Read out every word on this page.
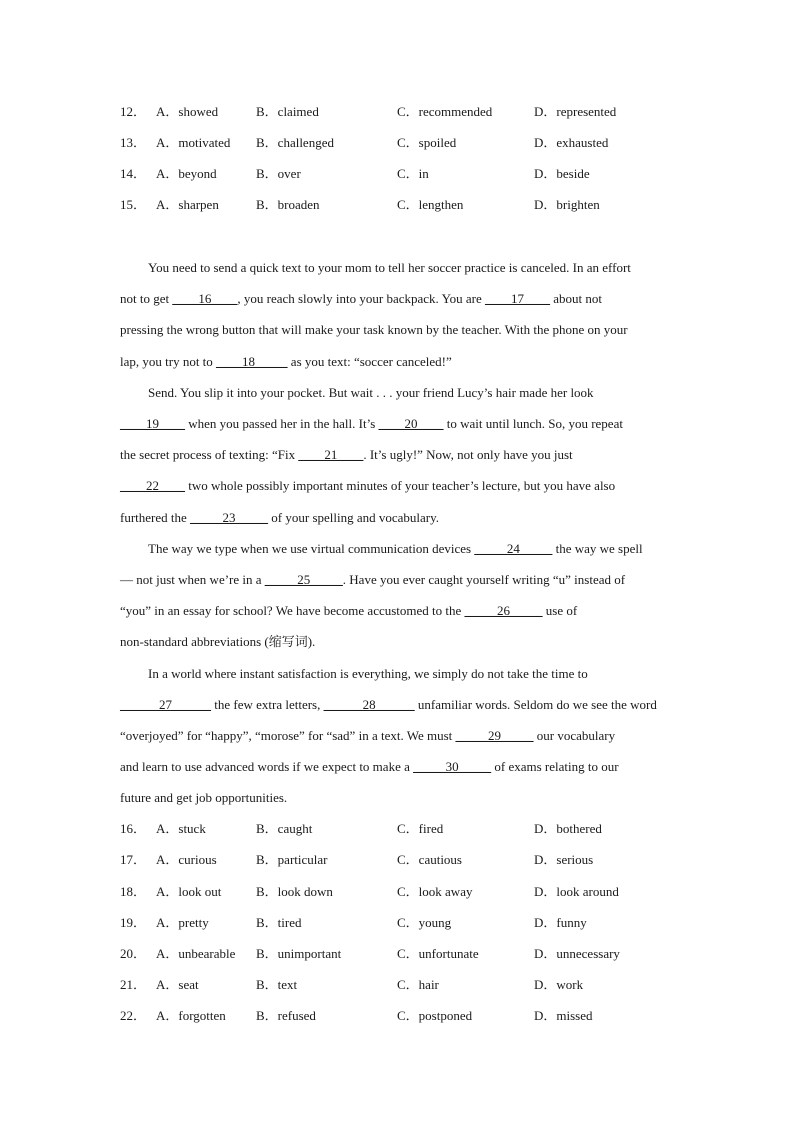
12． A．showed	B．claimed	C．recommended	D．represented
13． A．motivated B．challenged	C．spoiled	D．exhausted
14． A．beyond	B．over	C．in	D．beside
15． A．sharpen	B．broaden	C．lengthen	D．brighten
You need to send a quick text to your mom to tell her soccer practice is canceled. In an effort
not to get ____16____, you reach slowly into your backpack. You are ____17____ about not
pressing the wrong button that will make your task known by the teacher. With the phone on your
lap, you try not to ____18_____ as you text: “soccer canceled!”
Send. You slip it into your pocket. But wait . . . your friend Lucy’s hair made her look
____19____ when you passed her in the hall. It’s ____20____ to wait until lunch. So, you repeat
the secret process of texting: “Fix ____21____. It’s ugly!” Now, not only have you just
____22____ two whole possibly important minutes of your teacher’s lecture, but you have also
furthered the _____23_____ of your spelling and vocabulary.
The way we type when we use virtual communication devices _____24_____ the way we spell
— not just when we’re in a _____25_____. Have you ever caught yourself writing “u” instead of
“you” in an essay for school? We have become accustomed to the _____26_____ use of
non-standard abbreviations (缩写词).
In a world where instant satisfaction is everything, we simply do not take the time to
______27______ the few extra letters, ______28______ unfamiliar words. Seldom do we see the word
“overjoyed” for “happy”, “morose” for “sad” in a text. We must _____29_____ our vocabulary
and learn to use advanced words if we expect to make a _____30_____ of exams relating to our
future and get job opportunities.
16． A．stuck	B．caught	C．fired	D．bothered
17． A．curious	B．particular	C．cautious	D．serious
18． A．look out	B．look down	C．look away	D．look around
19． A．pretty	B．tired	C．young	D．funny
20． A．unbearable B．unimportant	C．unfortunate	D．unnecessary
21． A．seat	B．text	C．hair	D．work
22． A．forgotten B．refused	C．postponed	D．missed
